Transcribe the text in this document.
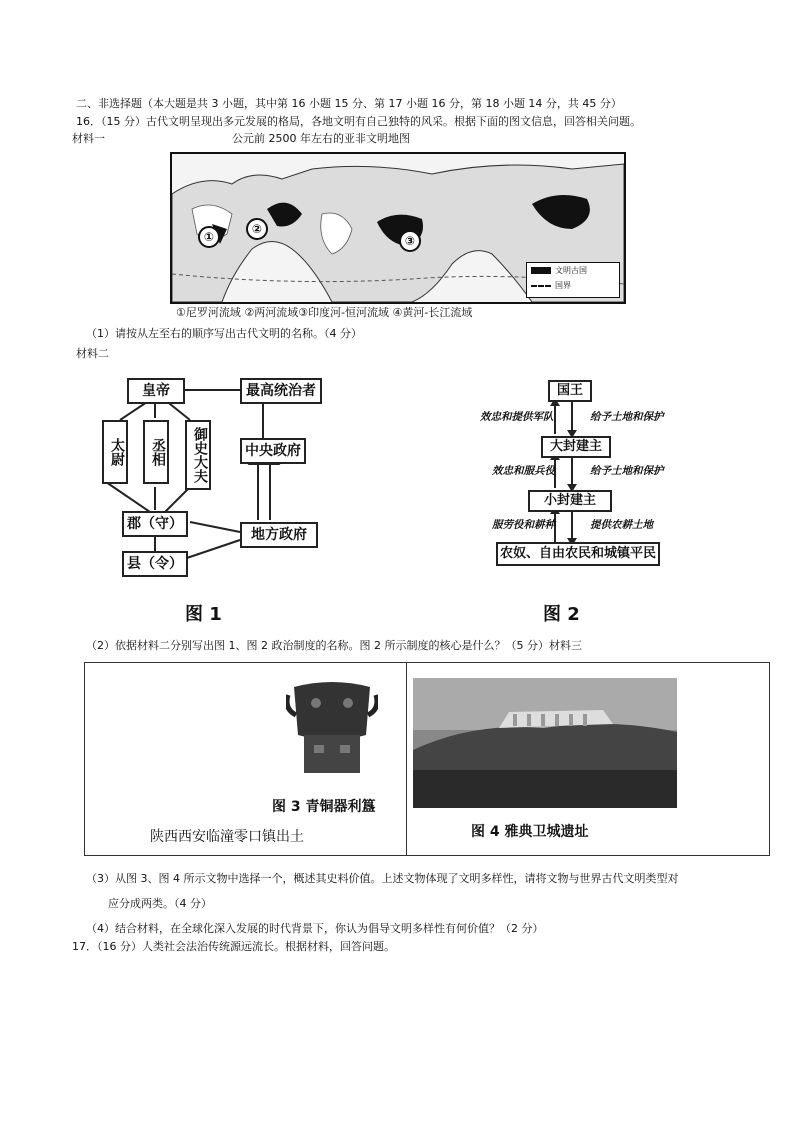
二、非选择题（本大题是共 3 小题，其中第 16 小题 15 分、第 17 小题 16 分，第 18 小题 14 分，共 45 分）
16．（15 分）古代文明呈现出多元发展的格局，各地文明有自己独特的风采。根据下面的图文信息，回答相关问题。
材料一	公元前 2500 年左右的亚非文明地图
①
②
③
文明古国
国界
①尼罗河流域 ②两河流域③印度河-恒河流域 ④黄河-长江流域
（1）请按从左至右的顺序写出古代文明的名称。（4 分）
材料二
皇帝	最高统治者
太尉	丞相	御史大夫	中央政府
郡（守）
地方政府
县（令）
图 1
国王
效忠和提供军队	给予土地和保护
大封建主
效忠和服兵役	给予土地和保护
小封建主
服劳役和耕种	提供农耕土地
农奴、自由农民和城镇平民
图 2
（2）依据材料二分别写出图 1、图 2 政治制度的名称。图 2 所示制度的核心是什么？（5 分）材料三
图 3 青铜器利簋
陕西西安临潼零口镇出土	图 4 雅典卫城遗址
（3）从图 3、图 4 所示文物中选择一个，概述其史料价值。上述文物体现了文明多样性，请将文物与世界古代文明类型对
应分成两类。（4 分）
（4）结合材料，在全球化深入发展的时代背景下，你认为倡导文明多样性有何价值？（2 分）
17．（16 分）人类社会法治传统源远流长。根据材料，回答问题。
